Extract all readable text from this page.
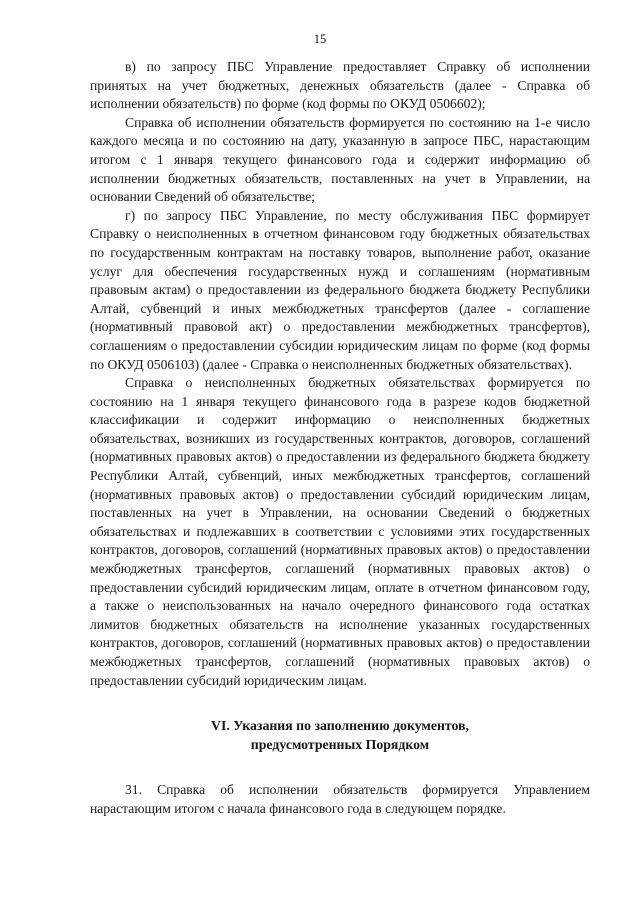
15

в) по запросу ПБС Управление предоставляет Справку об исполнении принятых на учет бюджетных, денежных обязательств (далее - Справка об исполнении обязательств) по форме (код формы по ОКУД 0506602);

Справка об исполнении обязательств формируется по состоянию на 1-е число каждого месяца и по состоянию на дату, указанную в запросе ПБС, нарастающим итогом с 1 января текущего финансового года и содержит информацию об исполнении бюджетных обязательств, поставленных на учет в Управлении, на основании Сведений об обязательстве;

г) по запросу ПБС Управление, по месту обслуживания ПБС формирует Справку о неисполненных в отчетном финансовом году бюджетных обязательствах по государственным контрактам на поставку товаров, выполнение работ, оказание услуг для обеспечения государственных нужд и соглашениям (нормативным правовым актам) о предоставлении из федерального бюджета бюджету Республики Алтай, субвенций и иных межбюджетных трансфертов (далее - соглашение (нормативный правовой акт) о предоставлении межбюджетных трансфертов), соглашениям о предоставлении субсидии юридическим лицам по форме (код формы по ОКУД 0506103) (далее - Справка о неисполненных бюджетных обязательствах).

Справка о неисполненных бюджетных обязательствах формируется по состоянию на 1 января текущего финансового года в разрезе кодов бюджетной классификации и содержит информацию о неисполненных бюджетных обязательствах, возникших из государственных контрактов, договоров, соглашений (нормативных правовых актов) о предоставлении из федерального бюджета бюджету Республики Алтай, субвенций, иных межбюджетных трансфертов, соглашений (нормативных правовых актов) о предоставлении субсидий юридическим лицам, поставленных на учет в Управлении, на основании Сведений о бюджетных обязательствах и подлежавших в соответствии с условиями этих государственных контрактов, договоров, соглашений (нормативных правовых актов) о предоставлении межбюджетных трансфертов, соглашений (нормативных правовых актов) о предоставлении субсидий юридическим лицам, оплате в отчетном финансовом году, а также о неиспользованных на начало очередного финансового года остатках лимитов бюджетных обязательств на исполнение указанных государственных контрактов, договоров, соглашений (нормативных правовых актов) о предоставлении межбюджетных трансфертов, соглашений (нормативных правовых актов) о предоставлении субсидий юридическим лицам.

VI. Указания по заполнению документов,
предусмотренных Порядком

31. Справка об исполнении обязательств формируется Управлением нарастающим итогом с начала финансового года в следующем порядке.
